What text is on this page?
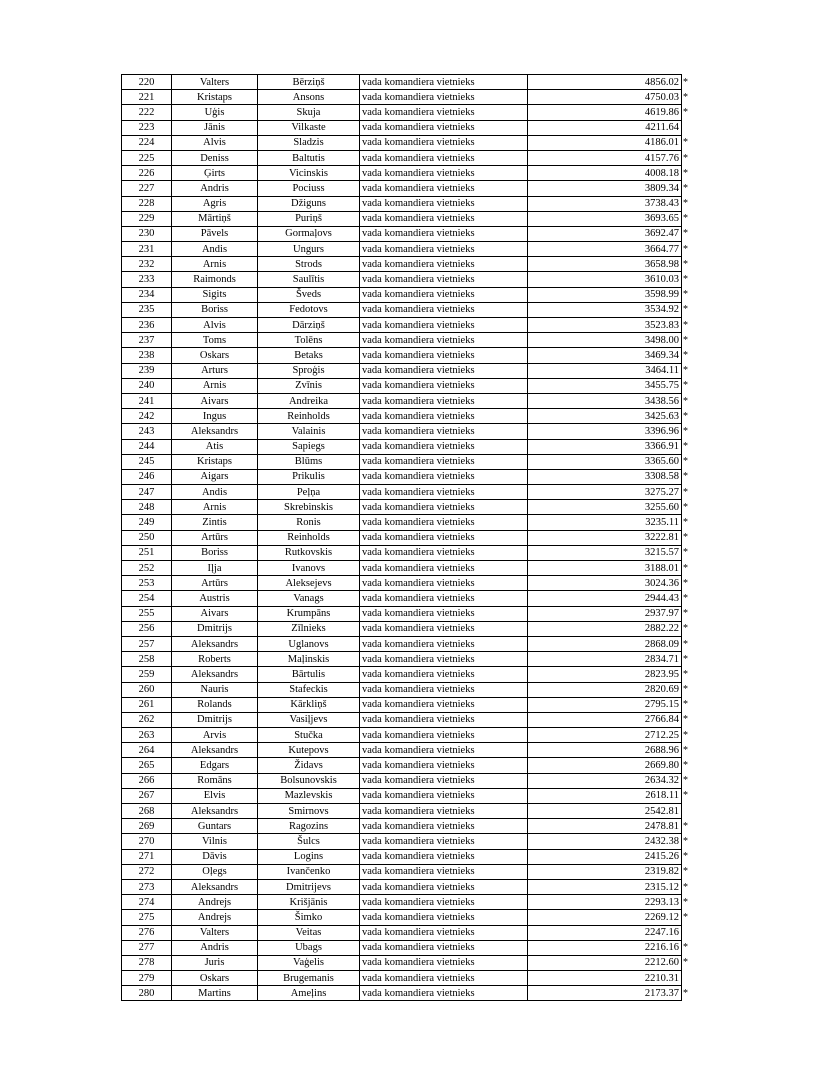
220	Valters	Bērziņš	vada komandiera vietnieks	4856.02	*
221	Kristaps	Ansons	vada komandiera vietnieks	4750.03	*
222	Uģis	Skuja	vada komandiera vietnieks	4619.86	*
223	Jānis	Vilkaste	vada komandiera vietnieks	4211.64	
224	Alvis	Sladzis	vada komandiera vietnieks	4186.01	*
225	Deniss	Baltutis	vada komandiera vietnieks	4157.76	*
226	Ģirts	Vicinskis	vada komandiera vietnieks	4008.18	*
227	Andris	Pociuss	vada komandiera vietnieks	3809.34	*
228	Agris	Džiguns	vada komandiera vietnieks	3738.43	*
229	Mārtiņš	Puriņš	vada komandiera vietnieks	3693.65	*
230	Pāvels	Gormaļovs	vada komandiera vietnieks	3692.47	*
231	Andis	Ungurs	vada komandiera vietnieks	3664.77	*
232	Arnis	Strods	vada komandiera vietnieks	3658.98	*
233	Raimonds	Saulītis	vada komandiera vietnieks	3610.03	*
234	Sigits	Šveds	vada komandiera vietnieks	3598.99	*
235	Boriss	Fedotovs	vada komandiera vietnieks	3534.92	*
236	Alvis	Dārziņš	vada komandiera vietnieks	3523.83	*
237	Toms	Tolēns	vada komandiera vietnieks	3498.00	*
238	Oskars	Betaks	vada komandiera vietnieks	3469.34	*
239	Arturs	Sproģis	vada komandiera vietnieks	3464.11	*
240	Arnis	Zvīnis	vada komandiera vietnieks	3455.75	*
241	Aivars	Andreika	vada komandiera vietnieks	3438.56	*
242	Ingus	Reinholds	vada komandiera vietnieks	3425.63	*
243	Aleksandrs	Valainis	vada komandiera vietnieks	3396.96	*
244	Atis	Sapiegs	vada komandiera vietnieks	3366.91	*
245	Kristaps	Blūms	vada komandiera vietnieks	3365.60	*
246	Aigars	Prikulis	vada komandiera vietnieks	3308.58	*
247	Andis	Peļņa	vada komandiera vietnieks	3275.27	*
248	Arnis	Skrebinskis	vada komandiera vietnieks	3255.60	*
249	Zintis	Ronis	vada komandiera vietnieks	3235.11	*
250	Artūrs	Reinholds	vada komandiera vietnieks	3222.81	*
251	Boriss	Rutkovskis	vada komandiera vietnieks	3215.57	*
252	Iļja	Ivanovs	vada komandiera vietnieks	3188.01	*
253	Artūrs	Aleksejevs	vada komandiera vietnieks	3024.36	*
254	Austris	Vanags	vada komandiera vietnieks	2944.43	*
255	Aivars	Krumpāns	vada komandiera vietnieks	2937.97	*
256	Dmitrijs	Zīlnieks	vada komandiera vietnieks	2882.22	*
257	Aleksandrs	Uglanovs	vada komandiera vietnieks	2868.09	*
258	Roberts	Maļinskis	vada komandiera vietnieks	2834.71	*
259	Aleksandrs	Bārtulis	vada komandiera vietnieks	2823.95	*
260	Nauris	Stafeckis	vada komandiera vietnieks	2820.69	*
261	Rolands	Kārkliņš	vada komandiera vietnieks	2795.15	*
262	Dmitrijs	Vasiļjevs	vada komandiera vietnieks	2766.84	*
263	Arvis	Stučka	vada komandiera vietnieks	2712.25	*
264	Aleksandrs	Kutepovs	vada komandiera vietnieks	2688.96	*
265	Edgars	Židavs	vada komandiera vietnieks	2669.80	*
266	Romāns	Bolsunovskis	vada komandiera vietnieks	2634.32	*
267	Elvis	Mazlevskis	vada komandiera vietnieks	2618.11	*
268	Aleksandrs	Smirnovs	vada komandiera vietnieks	2542.81	
269	Guntars	Ragozins	vada komandiera vietnieks	2478.81	*
270	Vilnis	Šulcs	vada komandiera vietnieks	2432.38	*
271	Dāvis	Logins	vada komandiera vietnieks	2415.26	*
272	Oļegs	Ivančenko	vada komandiera vietnieks	2319.82	*
273	Aleksandrs	Dmitrijevs	vada komandiera vietnieks	2315.12	*
274	Andrejs	Krišjānis	vada komandiera vietnieks	2293.13	*
275	Andrejs	Šimko	vada komandiera vietnieks	2269.12	*
276	Valters	Veitas	vada komandiera vietnieks	2247.16	
277	Andris	Ubags	vada komandiera vietnieks	2216.16	*
278	Juris	Vaģelis	vada komandiera vietnieks	2212.60	*
279	Oskars	Brugemanis	vada komandiera vietnieks	2210.31	
280	Martins	Ameļins	vada komandiera vietnieks	2173.37	*
